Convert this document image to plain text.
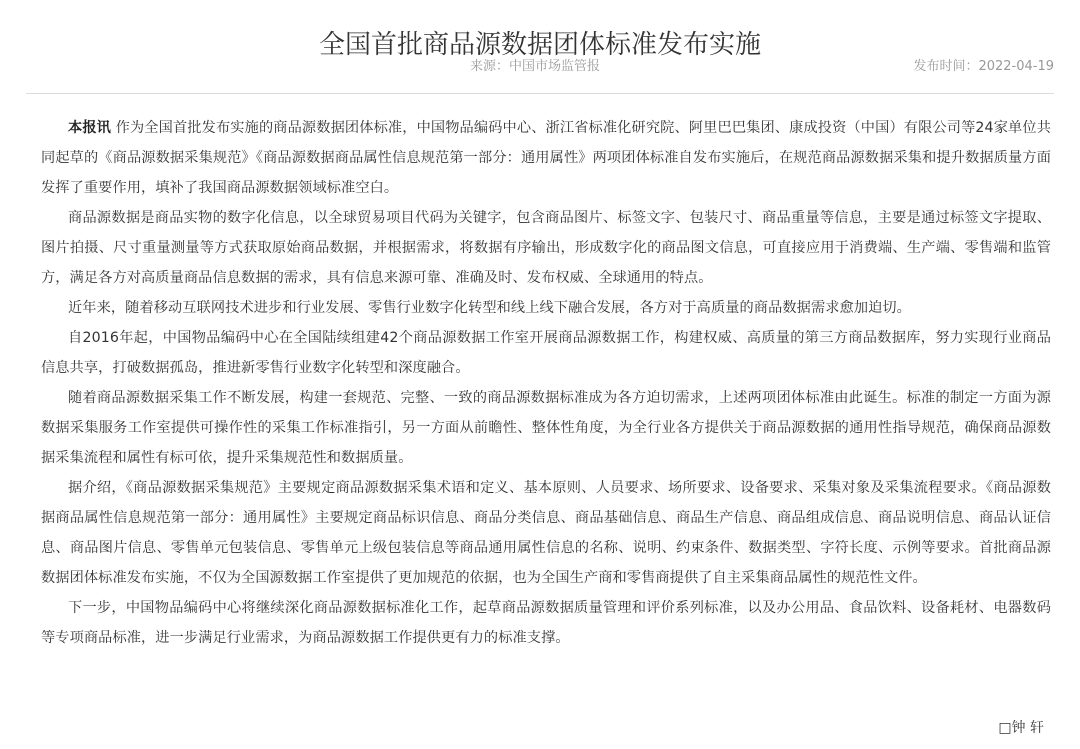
全国首批商品源数据团体标准发布实施
来源：中国市场监管报	发布时间：2022-04-19

本报讯 作为全国首批发布实施的商品源数据团体标准，中国物品编码中心、浙江省标准化研究院、阿里巴巴集团、康成投资（中国）有限公司等24家单位共同起草的《商品源数据采集规范》《商品源数据商品属性信息规范第一部分：通用属性》两项团体标准自发布实施后，在规范商品源数据采集和提升数据质量方面发挥了重要作用，填补了我国商品源数据领域标准空白。

商品源数据是商品实物的数字化信息，以全球贸易项目代码为关键字，包含商品图片、标签文字、包装尺寸、商品重量等信息，主要是通过标签文字提取、图片拍摄、尺寸重量测量等方式获取原始商品数据，并根据需求，将数据有序输出，形成数字化的商品图文信息，可直接应用于消费端、生产端、零售端和监管方，满足各方对高质量商品信息数据的需求，具有信息来源可靠、准确及时、发布权威、全球通用的特点。

近年来，随着移动互联网技术进步和行业发展、零售行业数字化转型和线上线下融合发展，各方对于高质量的商品数据需求愈加迫切。

自2016年起，中国物品编码中心在全国陆续组建42个商品源数据工作室开展商品源数据工作，构建权威、高质量的第三方商品数据库，努力实现行业商品信息共享，打破数据孤岛，推进新零售行业数字化转型和深度融合。

随着商品源数据采集工作不断发展，构建一套规范、完整、一致的商品源数据标准成为各方迫切需求，上述两项团体标准由此诞生。标准的制定一方面为源数据采集服务工作室提供可操作性的采集工作标准指引，另一方面从前瞻性、整体性角度，为全行业各方提供关于商品源数据的通用性指导规范，确保商品源数据采集流程和属性有标可依，提升采集规范性和数据质量。

据介绍，《商品源数据采集规范》主要规定商品源数据采集术语和定义、基本原则、人员要求、场所要求、设备要求、采集对象及采集流程要求。《商品源数据商品属性信息规范第一部分：通用属性》主要规定商品标识信息、商品分类信息、商品基础信息、商品生产信息、商品组成信息、商品说明信息、商品认证信息、商品图片信息、零售单元包装信息、零售单元上级包装信息等商品通用属性信息的名称、说明、约束条件、数据类型、字符长度、示例等要求。首批商品源数据团体标准发布实施，不仅为全国源数据工作室提供了更加规范的依据，也为全国生产商和零售商提供了自主采集商品属性的规范性文件。

下一步，中国物品编码中心将继续深化商品源数据标准化工作，起草商品源数据质量管理和评价系列标准，以及办公用品、食品饮料、设备耗材、电器数码等专项商品标准，进一步满足行业需求，为商品源数据工作提供更有力的标准支撑。

□钟 轩
